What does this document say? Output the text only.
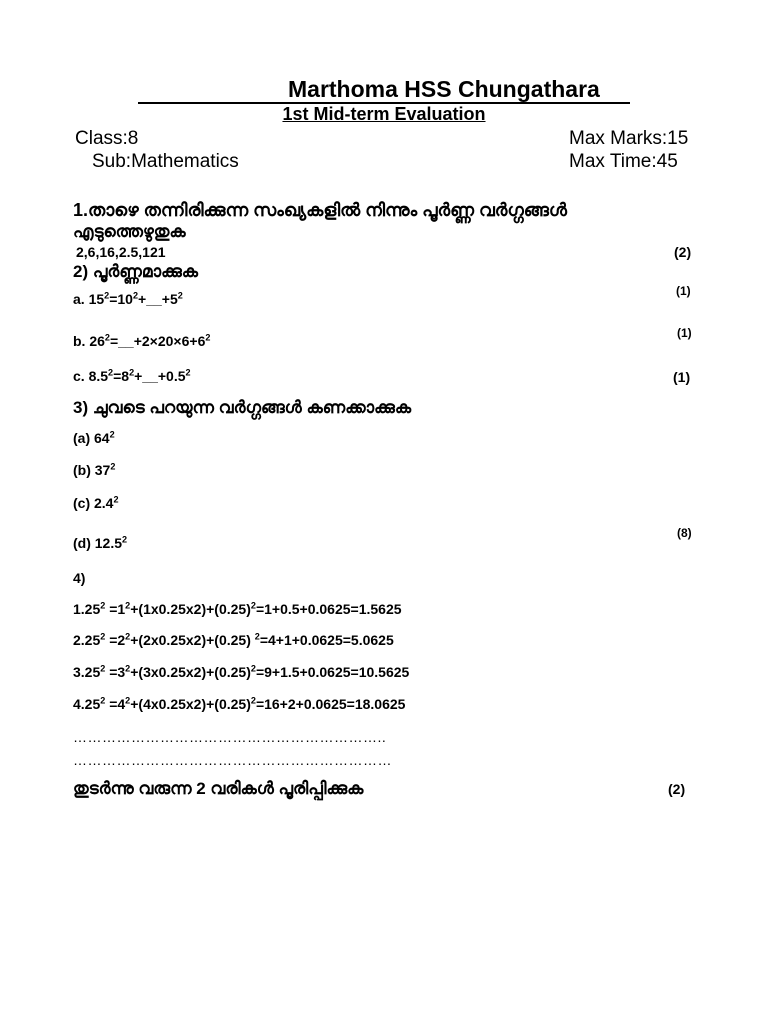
Marthoma HSS Chungathara
1st Mid-term Evaluation
Class:8
Sub:Mathematics
Max Marks:15
Max Time:45
1.താഴെ തന്നിരിക്കുന്ന സംഖ്യകളിൽ നിന്നും പൂർണ്ണ വർഗ്ഗങ്ങൾ
എടുത്തെഴുതുക
2,6,16,2.5,121	(2)
2) പൂർണ്ണമാക്കുക
a. $15^2=10^2+\_\_+5^2$	(1)
b. $26^2=\_\_+2\times 20\times 6+6^2$	(1)
c. $8.5^2=8^2+\_\_+0.5^2$	(1)
3) ചുവടെ പറയുന്ന വർഗ്ഗങ്ങൾ കണക്കാക്കുക
(a) $64^2$
(b) $37^2$
(c) $2.4^2$
(d) 12.5$^2$	(8)
4)
$1.25^2 =1^2+(1x0.25x2)+(0.25)^2=1+0.5+0.0625=1.5625$
$2.25^2 =2^2+(2x0.25x2)+(0.25)$ $^2$=4+1+0.0625=5.0625
$3.25^2 =3^2+(3x0.25x2)+(0.25)^2=9+1.5+0.0625=10.5625$
$4.25^2 =4^2+(4x0.25x2)+(0.25)^2=16+2+0.0625=18.0625$
………………………………………………………..
…………………………………………………………
തുടർന്നു വരുന്ന 2 വരികൾ പൂരിപ്പിക്കുക	(2)
